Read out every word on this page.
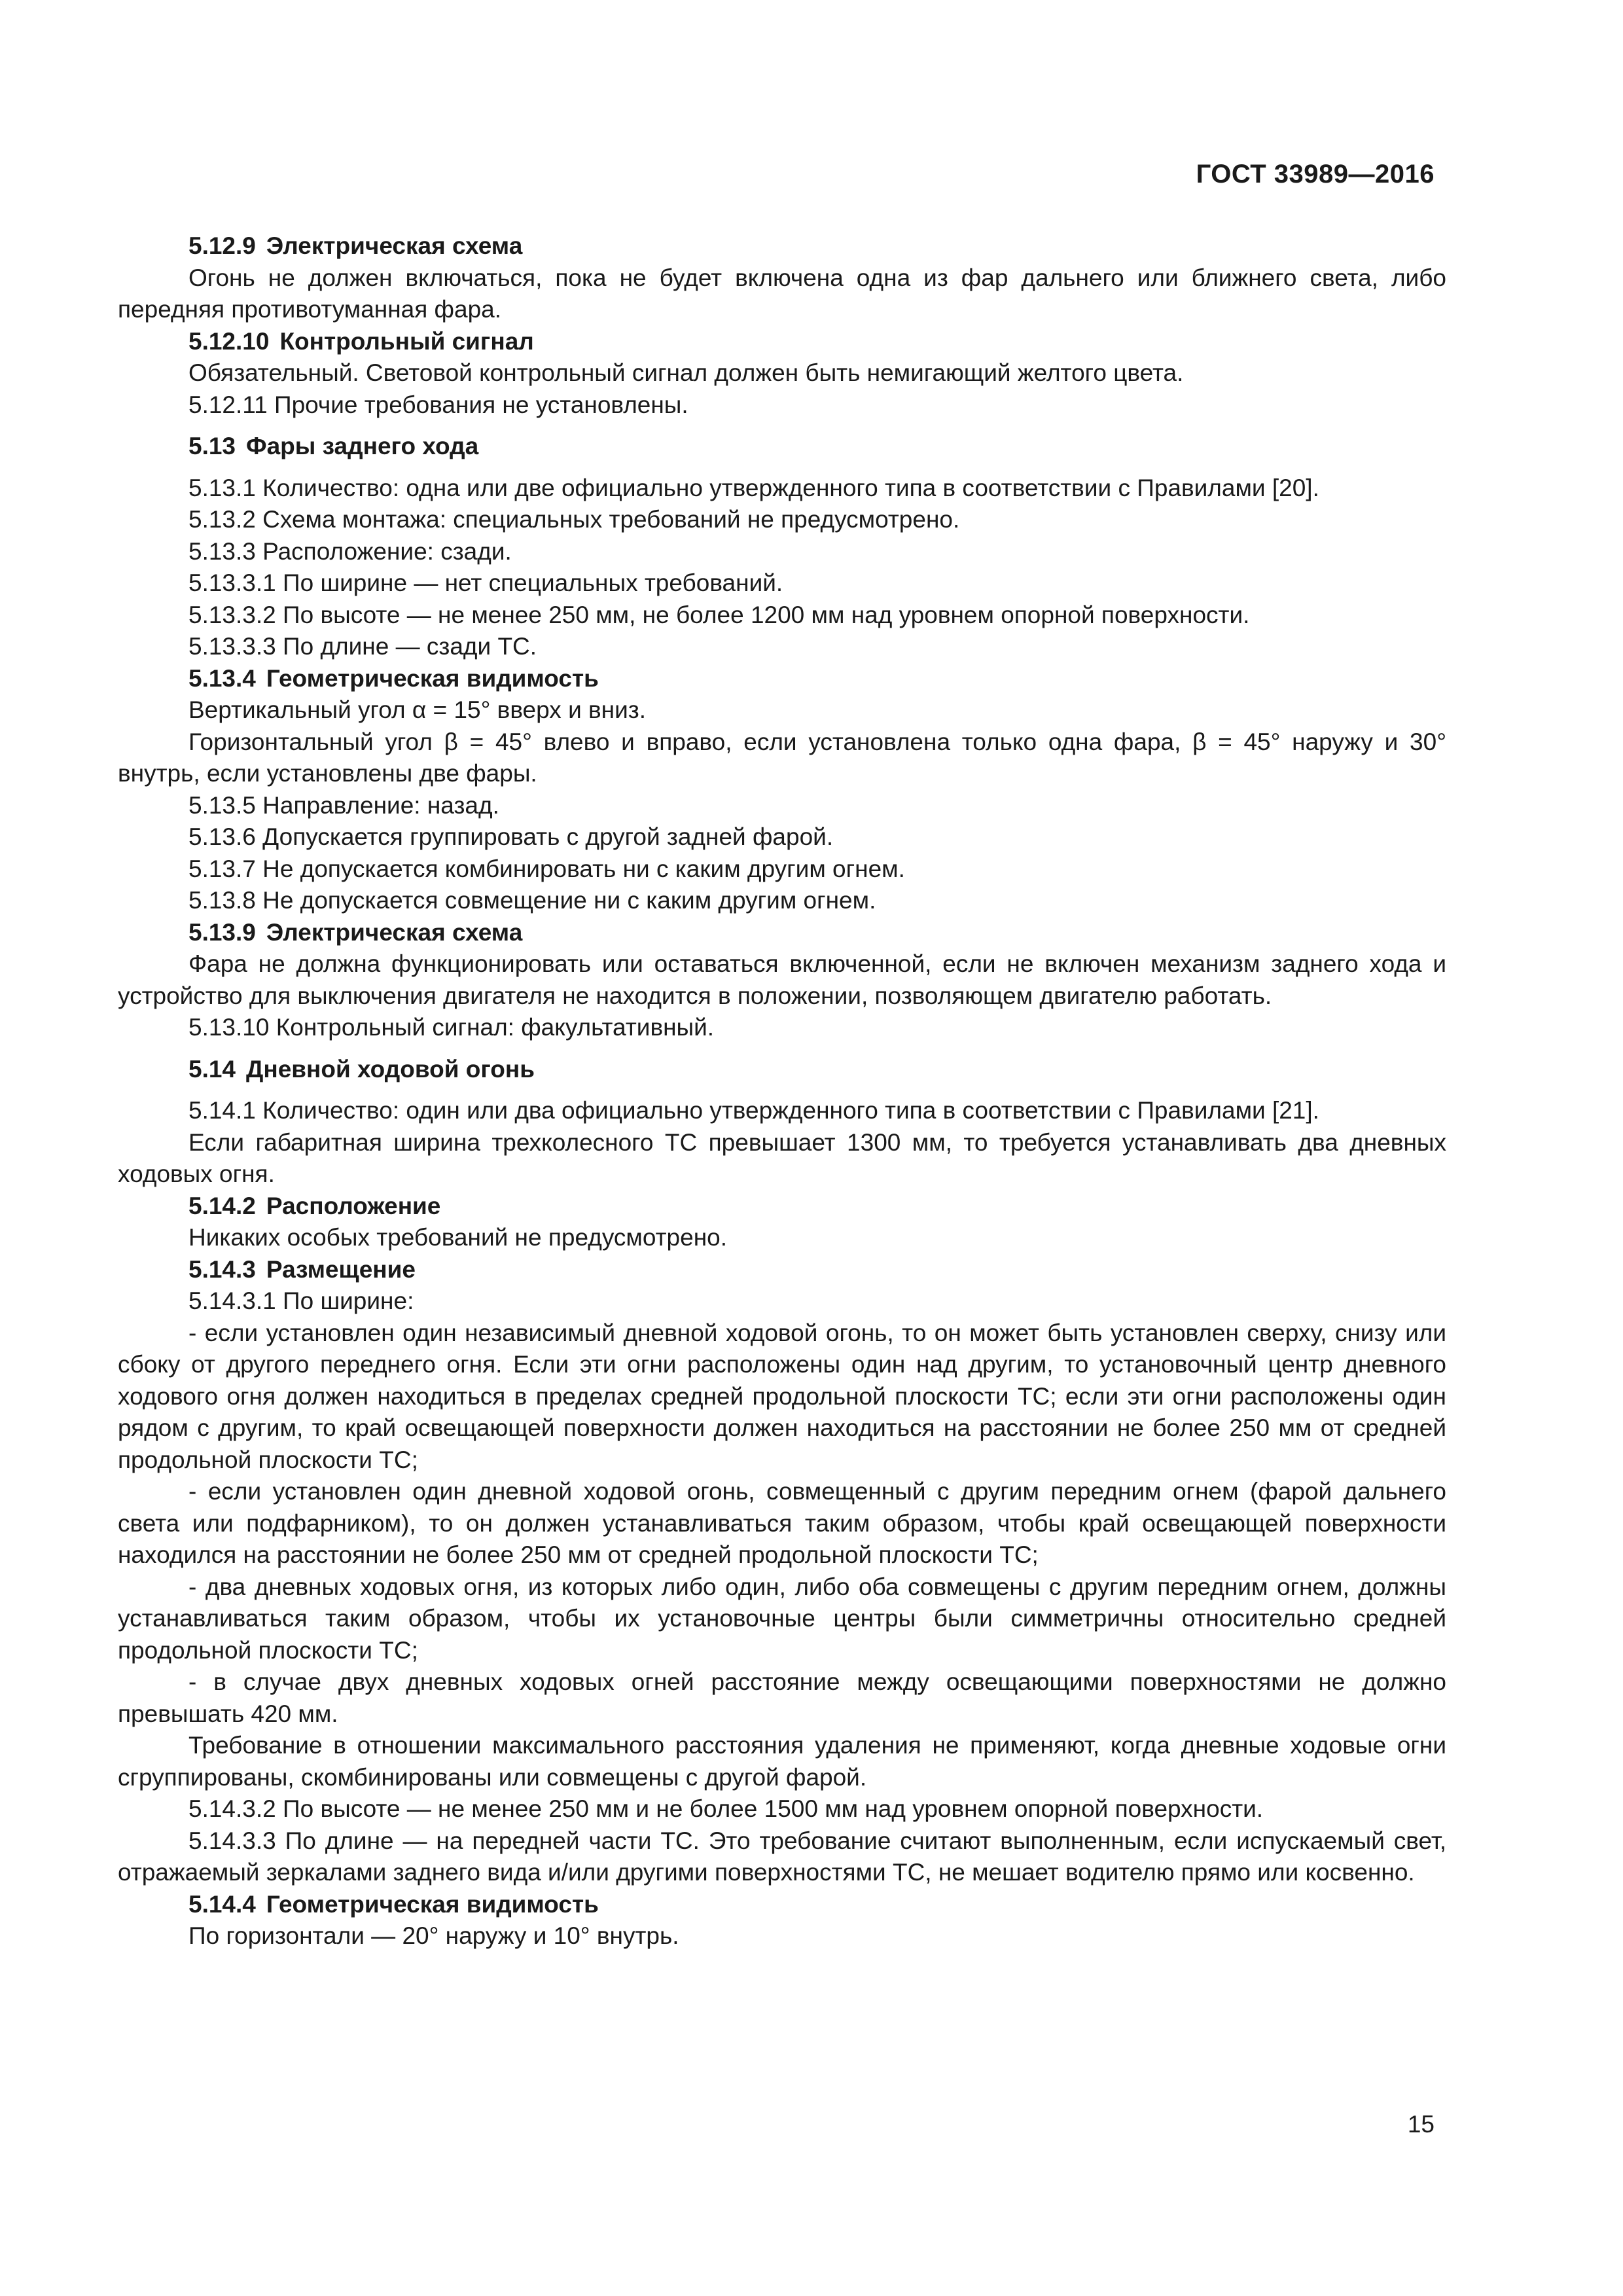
ГОСТ 33989—2016

5.12.9 Электрическая схема

Огонь не должен включаться, пока не будет включена одна из фар дальнего или ближнего света, либо передняя противотуманная фара.

5.12.10 Контрольный сигнал

Обязательный. Световой контрольный сигнал должен быть немигающий желтого цвета.

5.12.11 Прочие требования не установлены.

5.13 Фары заднего хода

5.13.1 Количество: одна или две официально утвержденного типа в соответствии с Правилами [20].

5.13.2 Схема монтажа: специальных требований не предусмотрено.

5.13.3 Расположение: сзади.

5.13.3.1 По ширине — нет специальных требований.

5.13.3.2 По высоте — не менее 250 мм, не более 1200 мм над уровнем опорной поверхности.

5.13.3.3 По длине — сзади ТС.

5.13.4 Геометрическая видимость

Вертикальный угол α = 15° вверх и вниз.

Горизонтальный угол β = 45° влево и вправо, если установлена только одна фара, β = 45° наружу и 30° внутрь, если установлены две фары.

5.13.5 Направление: назад.

5.13.6 Допускается группировать с другой задней фарой.

5.13.7 Не допускается комбинировать ни с каким другим огнем.

5.13.8 Не допускается совмещение ни с каким другим огнем.

5.13.9 Электрическая схема

Фара не должна функционировать или оставаться включенной, если не включен механизм заднего хода и устройство для выключения двигателя не находится в положении, позволяющем двигателю работать.

5.13.10 Контрольный сигнал: факультативный.

5.14 Дневной ходовой огонь

5.14.1 Количество: один или два официально утвержденного типа в соответствии с Правилами [21].

Если габаритная ширина трехколесного ТС превышает 1300 мм, то требуется устанавливать два дневных ходовых огня.

5.14.2 Расположение

Никаких особых требований не предусмотрено.

5.14.3 Размещение

5.14.3.1 По ширине:

- если установлен один независимый дневной ходовой огонь, то он может быть установлен сверху, снизу или сбоку от другого переднего огня. Если эти огни расположены один над другим, то установочный центр дневного ходового огня должен находиться в пределах средней продольной плоскости ТС; если эти огни расположены один рядом с другим, то край освещающей поверхности должен находиться на расстоянии не более 250 мм от средней продольной плоскости ТС;

- если установлен один дневной ходовой огонь, совмещенный с другим передним огнем (фарой дальнего света или подфарником), то он должен устанавливаться таким образом, чтобы край освещающей поверхности находился на расстоянии не более 250 мм от средней продольной плоскости ТС;

- два дневных ходовых огня, из которых либо один, либо оба совмещены с другим передним огнем, должны устанавливаться таким образом, чтобы их установочные центры были симметричны относительно средней продольной плоскости ТС;

- в случае двух дневных ходовых огней расстояние между освещающими поверхностями не должно превышать 420 мм.

Требование в отношении максимального расстояния удаления не применяют, когда дневные ходовые огни сгруппированы, скомбинированы или совмещены с другой фарой.

5.14.3.2 По высоте — не менее 250 мм и не более 1500 мм над уровнем опорной поверхности.

5.14.3.3 По длине — на передней части ТС. Это требование считают выполненным, если испускаемый свет, отражаемый зеркалами заднего вида и/или другими поверхностями ТС, не мешает водителю прямо или косвенно.

5.14.4 Геометрическая видимость

По горизонтали — 20° наружу и 10° внутрь.

15
